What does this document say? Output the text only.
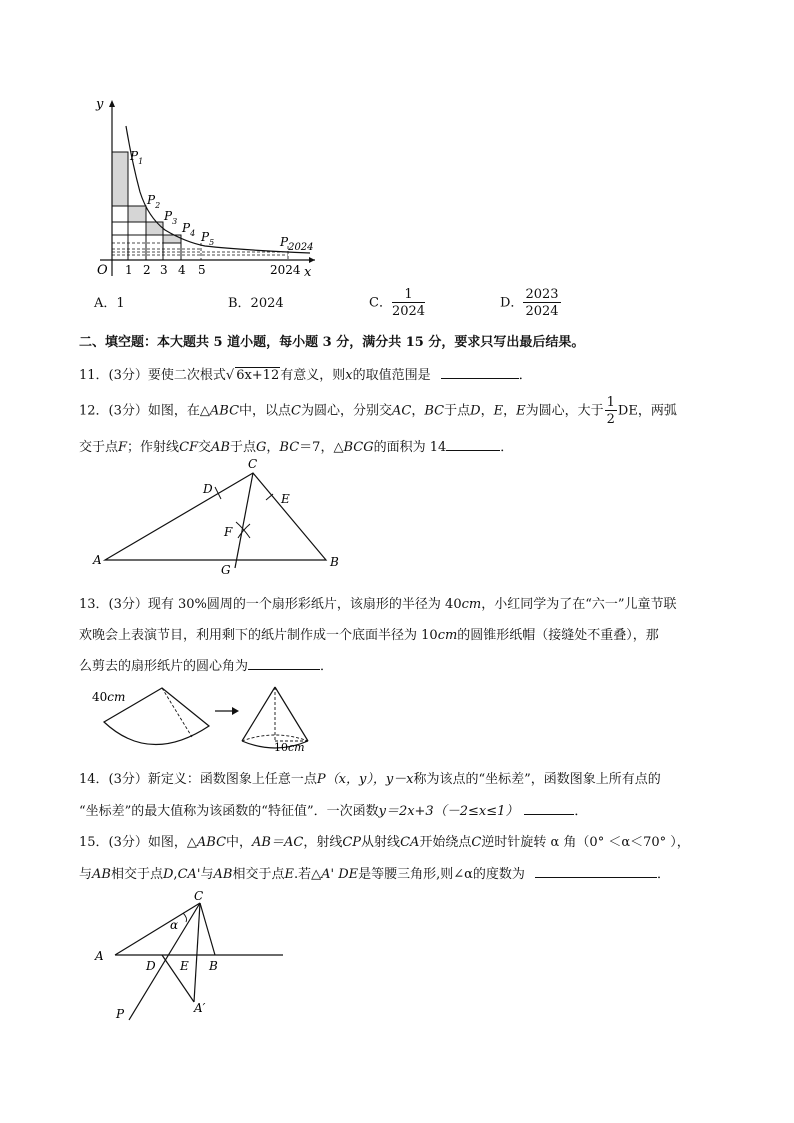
y
x
O 1 2 3 4 5	2024
$P_1$
$P_2$
$P_3$ $P_4$ $P_5$	$P_{2024}$
A．1	B．2024	C． $\frac{1}{2024}$	D． $\frac{2023}{2024}$
二、填空题：本大题共 5 道小题，每小题 3 分，满分共 15 分，要求只写出最后结果。
11．(3分）要使二次根式√ 6x+12有意义，则x的取值范围是	．
12．(3分）如图，在△ABC中，以点C为圆心，分别交AC，BC于点D，E，E为圆心，大于 $\frac{1}{2}$ DE，两弧
交于点F；作射线CF交AB于点G，BC＝7，△BCG的面积为 14	．
C
D
E
F
A	B
G
13．(3分）现有 30%圆周的一个扇形彩纸片，该扇形的半径为 40cm，小红同学为了在“六一”儿童节联
欢晚会上表演节目，利用剩下的纸片制作成一个底面半径为 10cm的圆锥形纸帽（接缝处不重叠），那
么剪去的扇形纸片的圆心角为	．
40cm
10cm
14．(3分）新定义：函数图象上任意一点P（x，y），y－x称为该点的“坐标差”，函数图象上所有点的
“坐标差”的最大值称为该函数的“特征值”．一次函数y＝2x+3（－2≤x≤1）	．
15．(3分）如图，△ABC中，AB＝AC，射线CP从射线CA开始绕点C逆时针旋转 α 角（0° ＜α＜70° ），
与AB相交于点D,CA'与AB相交于点E.若△A' DE是等腰三角形,则∠α的度数为	．
C
α
A
D E B
A′
P
